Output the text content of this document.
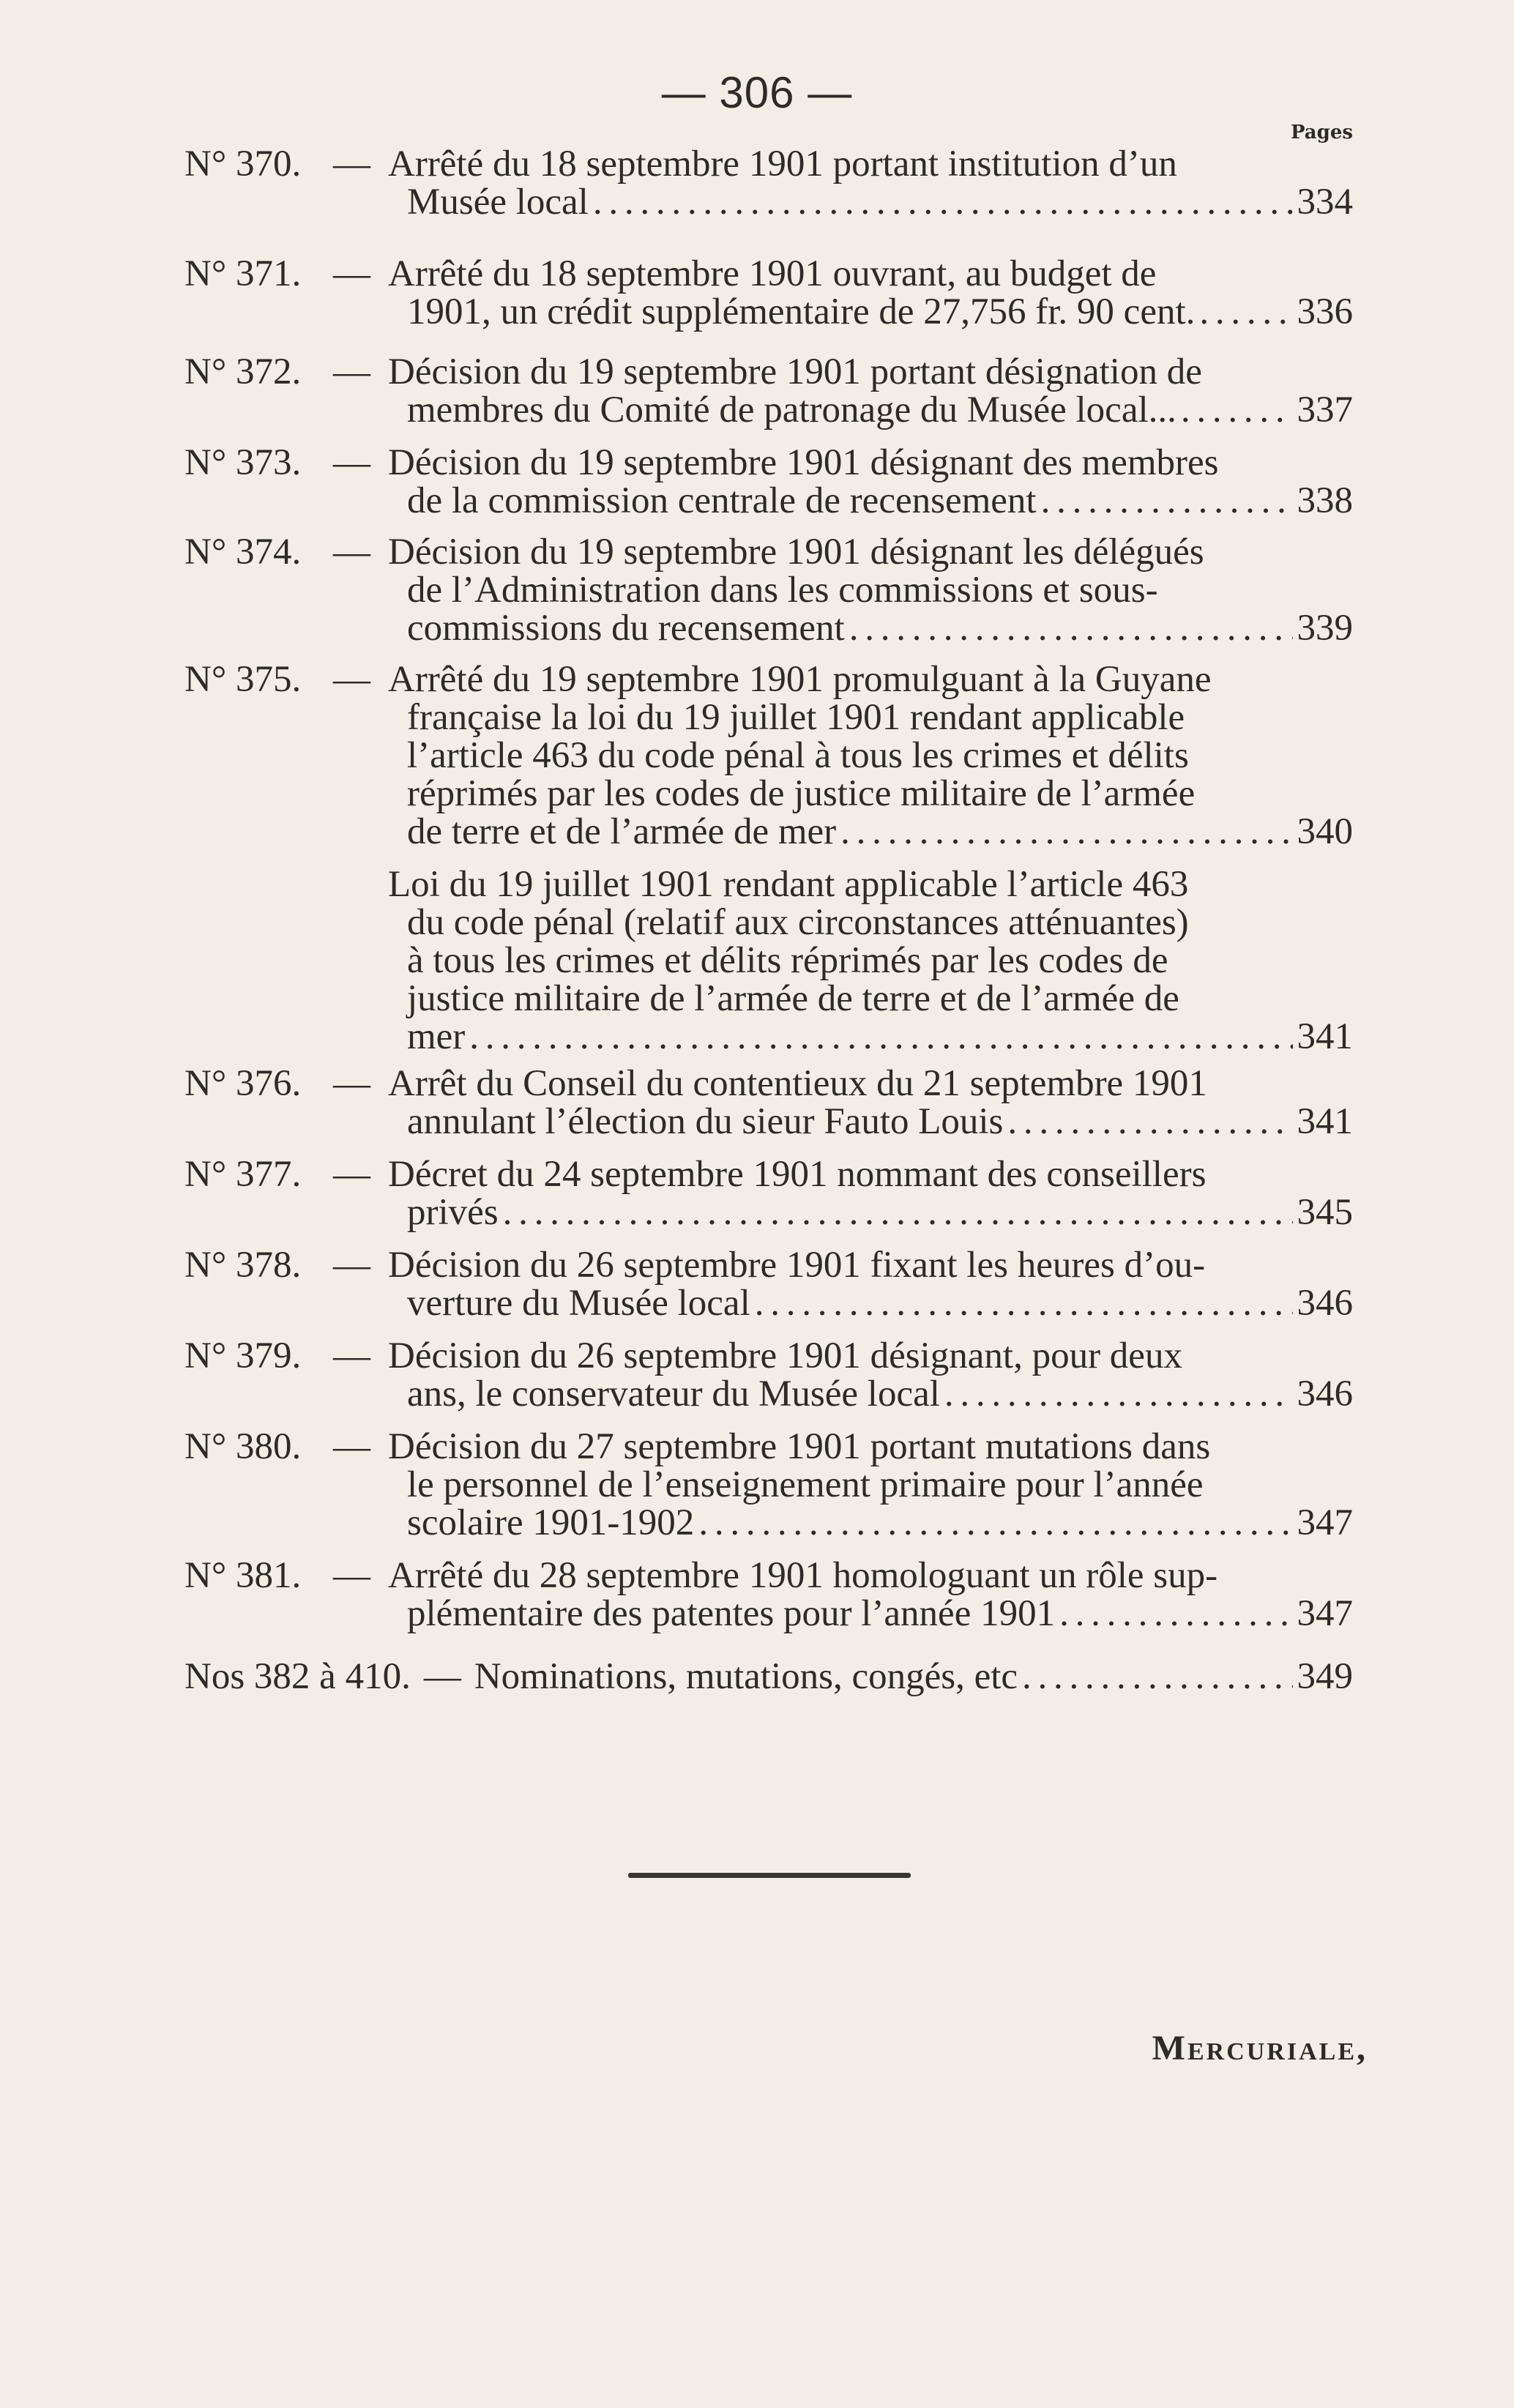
— 306 —
Pages
N° 370. — Arrêté du 18 septembre 1901 portant institution d’un
Musée local . . .	334
N° 371. — Arrêté du 18 septembre 1901 ouvrant, au budget de
1901, un crédit supplémentaire de 27,756 fr. 90 cent. . . .	336
N° 372. — Décision du 19 septembre 1901 portant désignation de
membres du Comité de patronage du Musée local... . . .	337
N° 373. — Décision du 19 septembre 1901 désignant des membres
de la commission centrale de recensement . . .	338
N° 374. — Décision du 19 septembre 1901 désignant les délégués
de l’Administration dans les commissions et sous-
commissions du recensement . . .	339
N° 375. — Arrêté du 19 septembre 1901 promulguant à la Guyane
française la loi du 19 juillet 1901 rendant applicable
l’article 463 du code pénal à tous les crimes et délits
réprimés par les codes de justice militaire de l’armée
de terre et de l’armée de mer . . .	340
Loi du 19 juillet 1901 rendant applicable l’article 463
du code pénal (relatif aux circonstances atténuantes)
à tous les crimes et délits réprimés par les codes de
justice militaire de l’armée de terre et de l’armée de
mer . . .	341
N° 376. — Arrêt du Conseil du contentieux du 21 septembre 1901
annulant l’élection du sieur Fauto Louis . . .	341
N° 377. — Décret du 24 septembre 1901 nommant des conseillers
privés . . .	345
N° 378. — Décision du 26 septembre 1901 fixant les heures d’ou-
verture du Musée local . . .	346
N° 379. — Décision du 26 septembre 1901 désignant, pour deux
ans, le conservateur du Musée local . . .	346
N° 380. — Décision du 27 septembre 1901 portant mutations dans
le personnel de l’enseignement primaire pour l’année
scolaire 1901-1902 . . .	347
N° 381. — Arrêté du 28 septembre 1901 homologuant un rôle sup-
plémentaire des patentes pour l’année 1901 . . .	347
Nos 382 à 410. — Nominations, mutations, congés, etc . . .	349
Mercuriale,
